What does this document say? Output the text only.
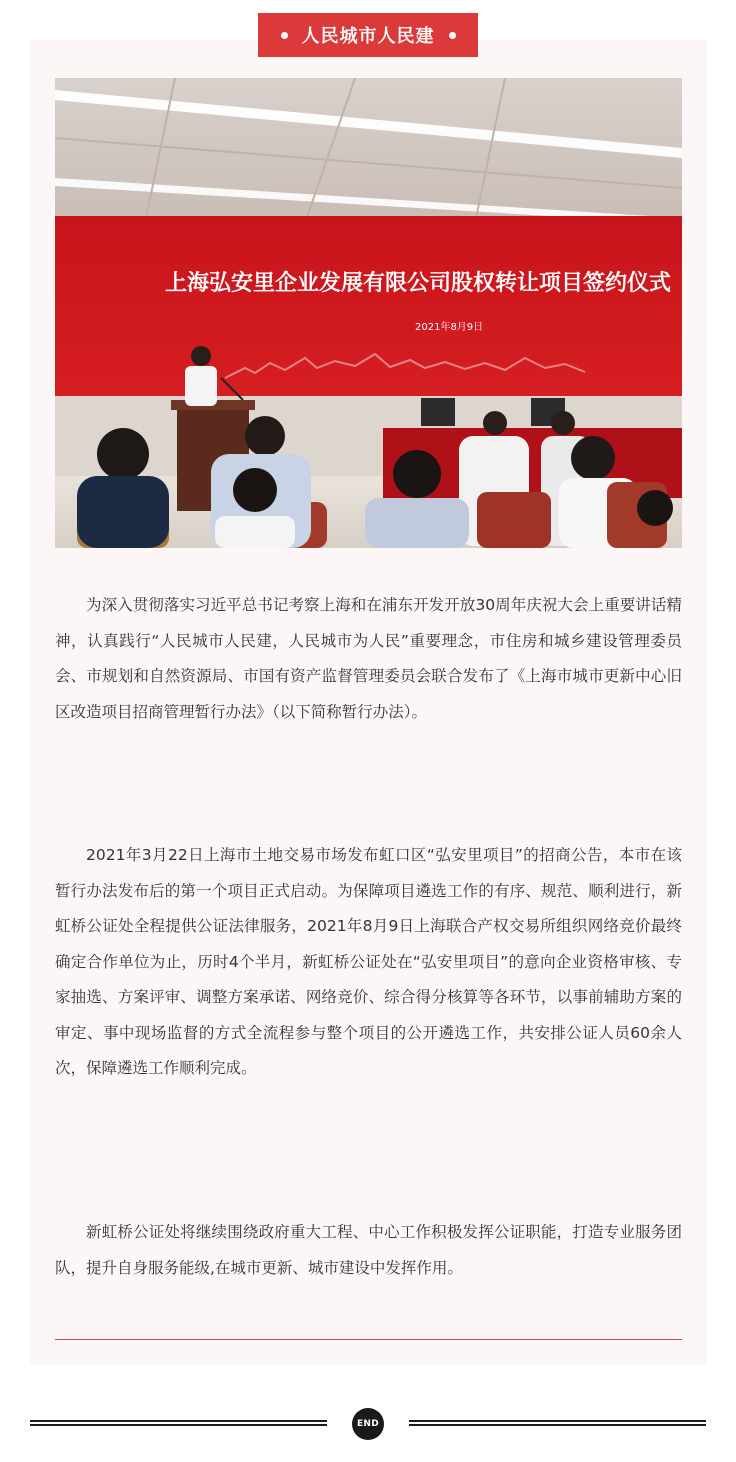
人民城市人民建
上海弘安里企业发展有限公司股权转让项目签约仪式
2021年8月9日

为深入贯彻落实习近平总书记考察上海和在浦东开发开放30周年庆祝大会上重要讲话精神，认真践行“人民城市人民建，人民城市为人民”重要理念，市住房和城乡建设管理委员会、市规划和自然资源局、市国有资产监督管理委员会联合发布了《上海市城市更新中心旧区改造项目招商管理暂行办法》（以下简称暂行办法）。

2021年3月22日上海市土地交易市场发布虹口区“弘安里项目”的招商公告，本市在该暂行办法发布后的第一个项目正式启动。为保障项目遴选工作的有序、规范、顺利进行，新虹桥公证处全程提供公证法律服务，2021年8月9日上海联合产权交易所组织网络竞价最终确定合作单位为止，历时4个半月，新虹桥公证处在“弘安里项目”的意向企业资格审核、专家抽选、方案评审、调整方案承诺、网络竞价、综合得分核算等各环节，以事前辅助方案的审定、事中现场监督的方式全流程参与整个项目的公开遴选工作，共安排公证人员60余人次，保障遴选工作顺利完成。

新虹桥公证处将继续围绕政府重大工程、中心工作积极发挥公证职能，打造专业服务团队，提升自身服务能级,在城市更新、城市建设中发挥作用。

END
